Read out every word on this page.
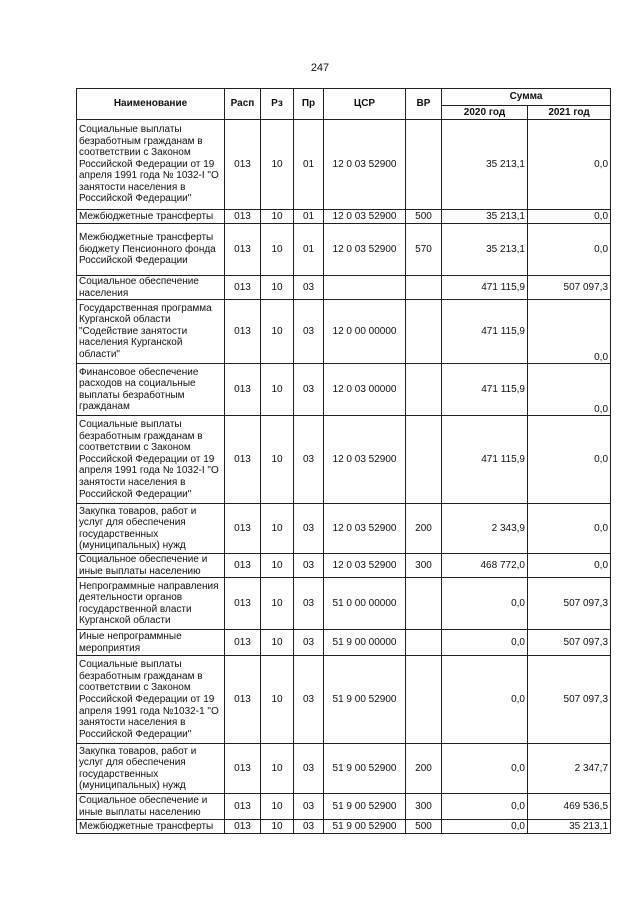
247
Наименование	Расп	Рз	Пр	ЦСР	ВР	Сумма	
						2020 год	2021 год
Социальные выплаты безработным гражданам в соответствии с Законом Российской Федерации от 19 апреля 1991 года № 1032-I "О занятости населения в Российской Федерации"	013	10	01	12 0 03 52900		35 213,1	0,0
Межбюджетные трансферты	013	10	01	12 0 03 52900	500	35 213,1	0,0
Межбюджетные трансферты бюджету Пенсионного фонда Российской Федерации	013	10	01	12 0 03 52900	570	35 213,1	0,0
Социальное обеспечение населения	013	10	03			471 115,9	507 097,3
Государственная программа Курганской области "Содействие занятости населения Курганской области"	013	10	03	12 0 00 00000		471 115,9	0,0
Финансовое обеспечение расходов на социальные выплаты безработным гражданам	013	10	03	12 0 03 00000		471 115,9	0,0
Социальные выплаты безработным гражданам в соответствии с Законом Российской Федерации от 19 апреля 1991 года № 1032-I "О занятости населения в Российской Федерации"	013	10	03	12 0 03 52900		471 115,9	0,0
Закупка товаров, работ и услуг для обеспечения государственных (муниципальных) нужд	013	10	03	12 0 03 52900	200	2 343,9	0,0
Социальное обеспечение и иные выплаты населению	013	10	03	12 0 03 52900	300	468 772,0	0,0
Непрограммные направления деятельности органов государственной власти Курганской области	013	10	03	51 0 00 00000		0,0	507 097,3
Иные непрограммные мероприятия	013	10	03	51 9 00 00000		0,0	507 097,3
Социальные выплаты безработным гражданам в соответствии с Законом Российской Федерации от 19 апреля 1991 года №1032-1 "О занятости населения в Российской Федерации"	013	10	03	51 9 00 52900		0,0	507 097,3
Закупка товаров, работ и услуг для обеспечения государственных (муниципальных) нужд	013	10	03	51 9 00 52900	200	0,0	2 347,7
Социальное обеспечение и иные выплаты населению	013	10	03	51 9 00 52900	300	0,0	469 536,5
Межбюджетные трансферты	013	10	03	51 9 00 52900	500	0,0	35 213,1
